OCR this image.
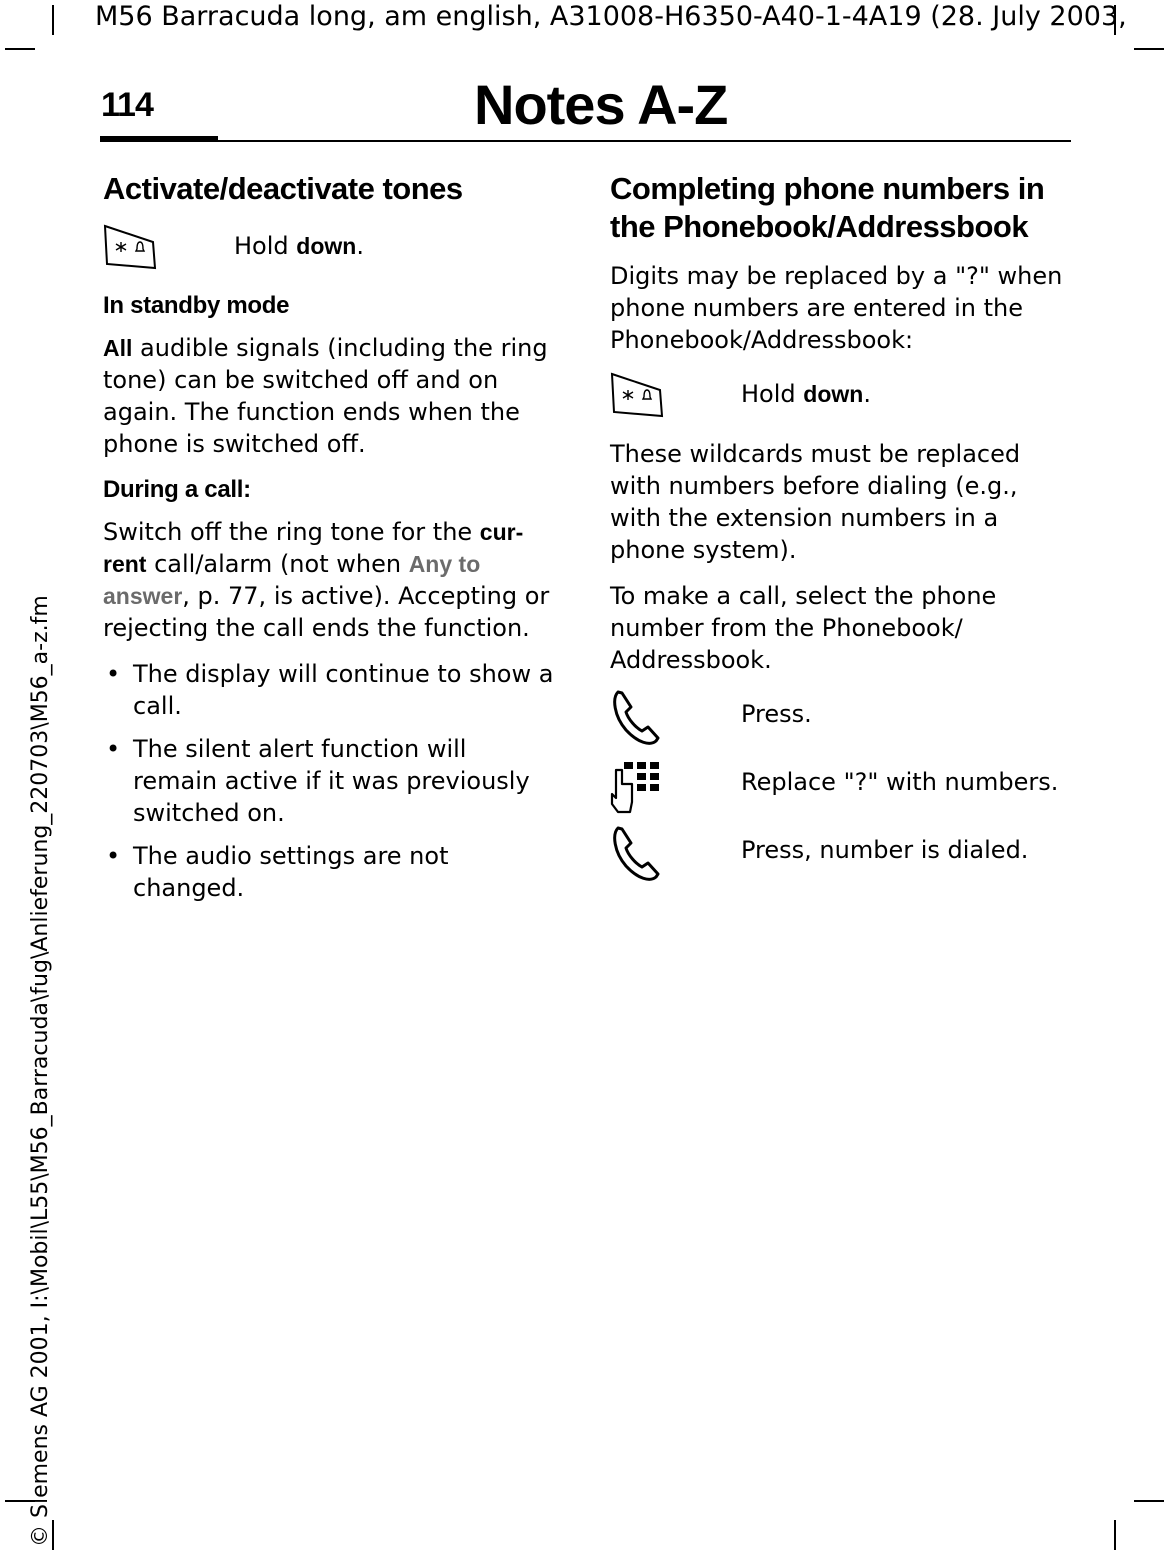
M56 Barracuda long, am english, A31008-H6350-A40-1-4A19 (28. July 2003,
© Siemens AG 2001, I:\Mobil\L55\M56_Barracuda\fug\Anlieferung_220703\M56_a-z.fm
114	Notes A-Z
Activate/deactivate tones
Hold down.
In standby mode

All audible signals (including the ring tone) can be switched off and on again. The function ends when the phone is switched off.

During a call:

Switch off the ring tone for the cur-rent call/alarm (not when Any to answer, p. 77, is active). Accepting or rejecting the call ends the function.

• The display will continue to show a call.
• The silent alert function will remain active if it was previously switched on.
• The audio settings are not changed.
Completing phone numbers in the Phonebook/Addressbook

Digits may be replaced by a "?" when phone numbers are entered in the Phonebook/Addressbook:

Hold down.

These wildcards must be replaced with numbers before dialing (e.g., with the extension numbers in a phone system).

To make a call, select the phone number from the Phonebook/ Addressbook.

Press.
Replace "?" with numbers.
Press, number is dialed.
